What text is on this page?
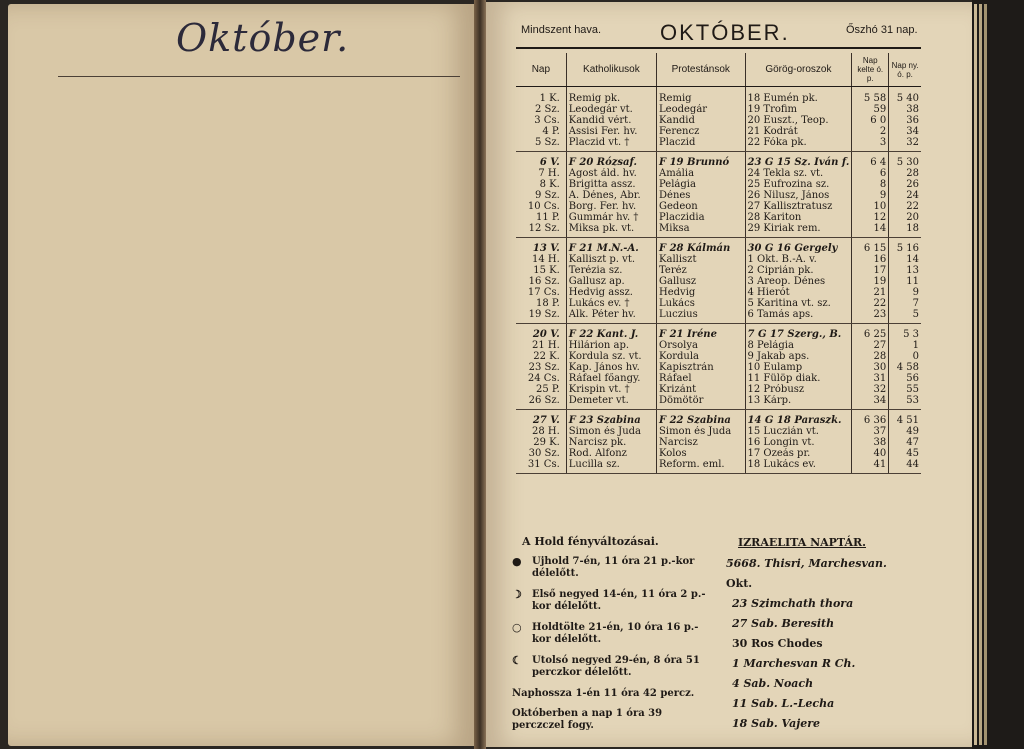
Október.	Mindszent hava.	OKTÓBER.	Őszhó 31 nap.
Nap	Katholikusok	Protestánsok	Görög-oroszok	Nap kelte ó. p.	Nap ny. ó. p.
1 K.	Remig pk.	Remig	18 Eumén pk.	5 58	5 40
2 Sz.	Leodegár vt.	Leodegár	19 Trofim	59	38
3 Cs.	Kandid vért.	Kandid	20 Euszt., Teop.	6 0	36
4 P.	Assisi Fer. hv.	Ferencz	21 Kodrát	2	34
5 Sz.	Placzid vt. †	Placzid	22 Fóka pk.	3	32
6 V.	F 20 Rózsaf.	F 19 Brunnó	23 G 15 Sz. Iván f.	6 4	5 30
7 H.	Ágost áld. hv.	Amália	24 Tekla sz. vt.	6	28
8 K.	Brigitta assz.	Pelágia	25 Eufrozina sz.	8	26
9 Sz.	A. Dénes, Ábr.	Dénes	26 Nilusz, János	9	24
10 Cs.	Borg. Fer. hv.	Gedeon	27 Kallisztratusz	10	22
11 P.	Gummár hv. †	Placzidia	28 Kariton	12	20
12 Sz.	Miksa pk. vt.	Miksa	29 Kiriak rem.	14	18
13 V.	F 21 M.N.-A.	F 28 Kálmán	30 G 16 Gergely	6 15	5 16
14 H.	Kalliszt p. vt.	Kalliszt	1 Okt. B.-A. v.	16	14
15 K.	Terézia sz.	Teréz	2 Ciprián pk.	17	13
16 Sz.	Gallusz ap.	Gallusz	3 Areop. Dénes	19	11
17 Cs.	Hedvig assz.	Hedvig	4 Hierót	21	9
18 P.	Lukács ev. †	Lukács	5 Karitina vt. sz.	22	7
19 Sz.	Alk. Péter hv.	Luczius	6 Tamás aps.	23	5
20 V.	F 22 Kant. J.	F 21 Iréne	7 G 17 Szerg., B.	6 25	5 3
21 H.	Hilárion ap.	Orsolya	8 Pelágia	27	1
22 K.	Kordula sz. vt.	Kordula	9 Jakab aps.	28	0
23 Sz.	Kap. János hv.	Kapisztrán	10 Eulamp	30	4 58
24 Cs.	Ráfael főangy.	Ráfael	11 Fülöp diak.	31	56
25 P.	Krispin vt. †	Krizánt	12 Próbusz	32	55
26 Sz.	Demeter vt.	Dömötör	13 Kárp.	34	53
27 V.	F 23 Szabina	F 22 Szabina	14 G 18 Paraszk.	6 36	4 51
28 H.	Simon és Juda	Simon és Juda	15 Luczián vt.	37	49
29 K.	Narcisz pk.	Narcisz	16 Longin vt.	38	47
30 Sz.	Rod. Alfonz	Kolos	17 Ozeás pr.	40	45
31 Cs.	Lucilla sz.	Reform. eml.	18 Lukács ev.	41	44
A Hold fényváltozásai.
●	Ujhold 7-én, 11 óra 21 p.-kor délelőtt.
☽	Első negyed 14-én, 11 óra 2 p.-kor délelőtt.
○	Holdtölte 21-én, 10 óra 16 p.-kor délelőtt.
☾	Utolsó negyed 29-én, 8 óra 51 perczkor délelőtt.

Naphossza 1-én 11 óra 42 percz.

Októberben a nap 1 óra 39 perczczel fogy.

IZRAELITA NAPTÁR.
5668. Thisri, Marchesvan.
Okt.
23 Szimchath thora
27 Sab. Beresith
30 Ros Chodes
1 Marchesvan R Ch.
4 Sab. Noach
11 Sab. L.-Lecha
18 Sab. Vajere
